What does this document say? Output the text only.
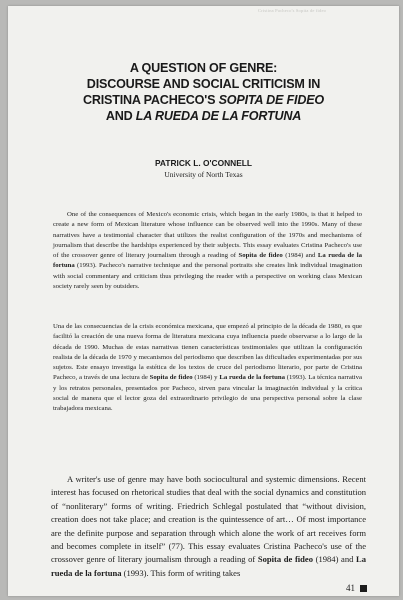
Cristina Pacheco's Sopita de fideo
A QUESTION OF GENRE:
DISCOURSE AND SOCIAL CRITICISM IN
CRISTINA PACHECO'S SOPITA DE FIDEO
AND LA RUEDA DE LA FORTUNA
PATRICK L. O'CONNELL
University of North Texas
One of the consequences of Mexico's economic crisis, which began in the early 1980s, is that it helped to create a new form of Mexican literature whose influence can be observed well into the 1990s. Many of these narratives have a testimonial character that utilizes the realist configuration of the 1970s and mechanisms of journalism that describe the hardships experienced by their subjects. This essay evaluates Cristina Pacheco's use of the crossover genre of literary journalism through a reading of Sopita de fideo (1984) and La rueda de la fortuna (1993). Pacheco's narrative technique and the personal portraits she creates link individual imagination with social commentary and criticism thus privileging the reader with a perspective on working class Mexican society rarely seen by outsiders.
Una de las consecuencias de la crisis económica mexicana, que empezó al principio de la década de 1980, es que facilitó la creación de una nueva forma de literatura mexicana cuya influencia puede observarse a lo largo de la década de 1990. Muchas de estas narrativas tienen características testimoniales que utilizan la configuración realista de la década de 1970 y mecanismos del periodismo que describen las dificultades experimentadas por sus sujetos. Este ensayo investiga la estética de los textos de cruce del periodismo literario, por parte de Cristina Pacheco, a través de una lectura de Sopita de fideo (1984) y La rueda de la fortuna (1993). La técnica narrativa y los retratos personales, presentados por Pacheco, sirven para vincular la imaginación individual y la crítica social de manera que el lector goza del extraordinario privilegio de una perspectiva personal sobre la clase trabajadora mexicana.
A writer's use of genre may have both sociocultural and systemic dimensions. Recent interest has focused on rhetorical studies that deal with the social dynamics and constitution of “nonliterary” forms of writing. Friedrich Schlegal postulated that “without division, creation does not take place; and creation is the quintessence of art… Of most importance are the definite purpose and separation through which alone the work of art receives form and becomes complete in itself” (77). This essay evaluates Cristina Pacheco's use of the crossover genre of literary journalism through a reading of Sopita de fideo (1984) and La rueda de la fortuna (1993). This form of writing takes
41
